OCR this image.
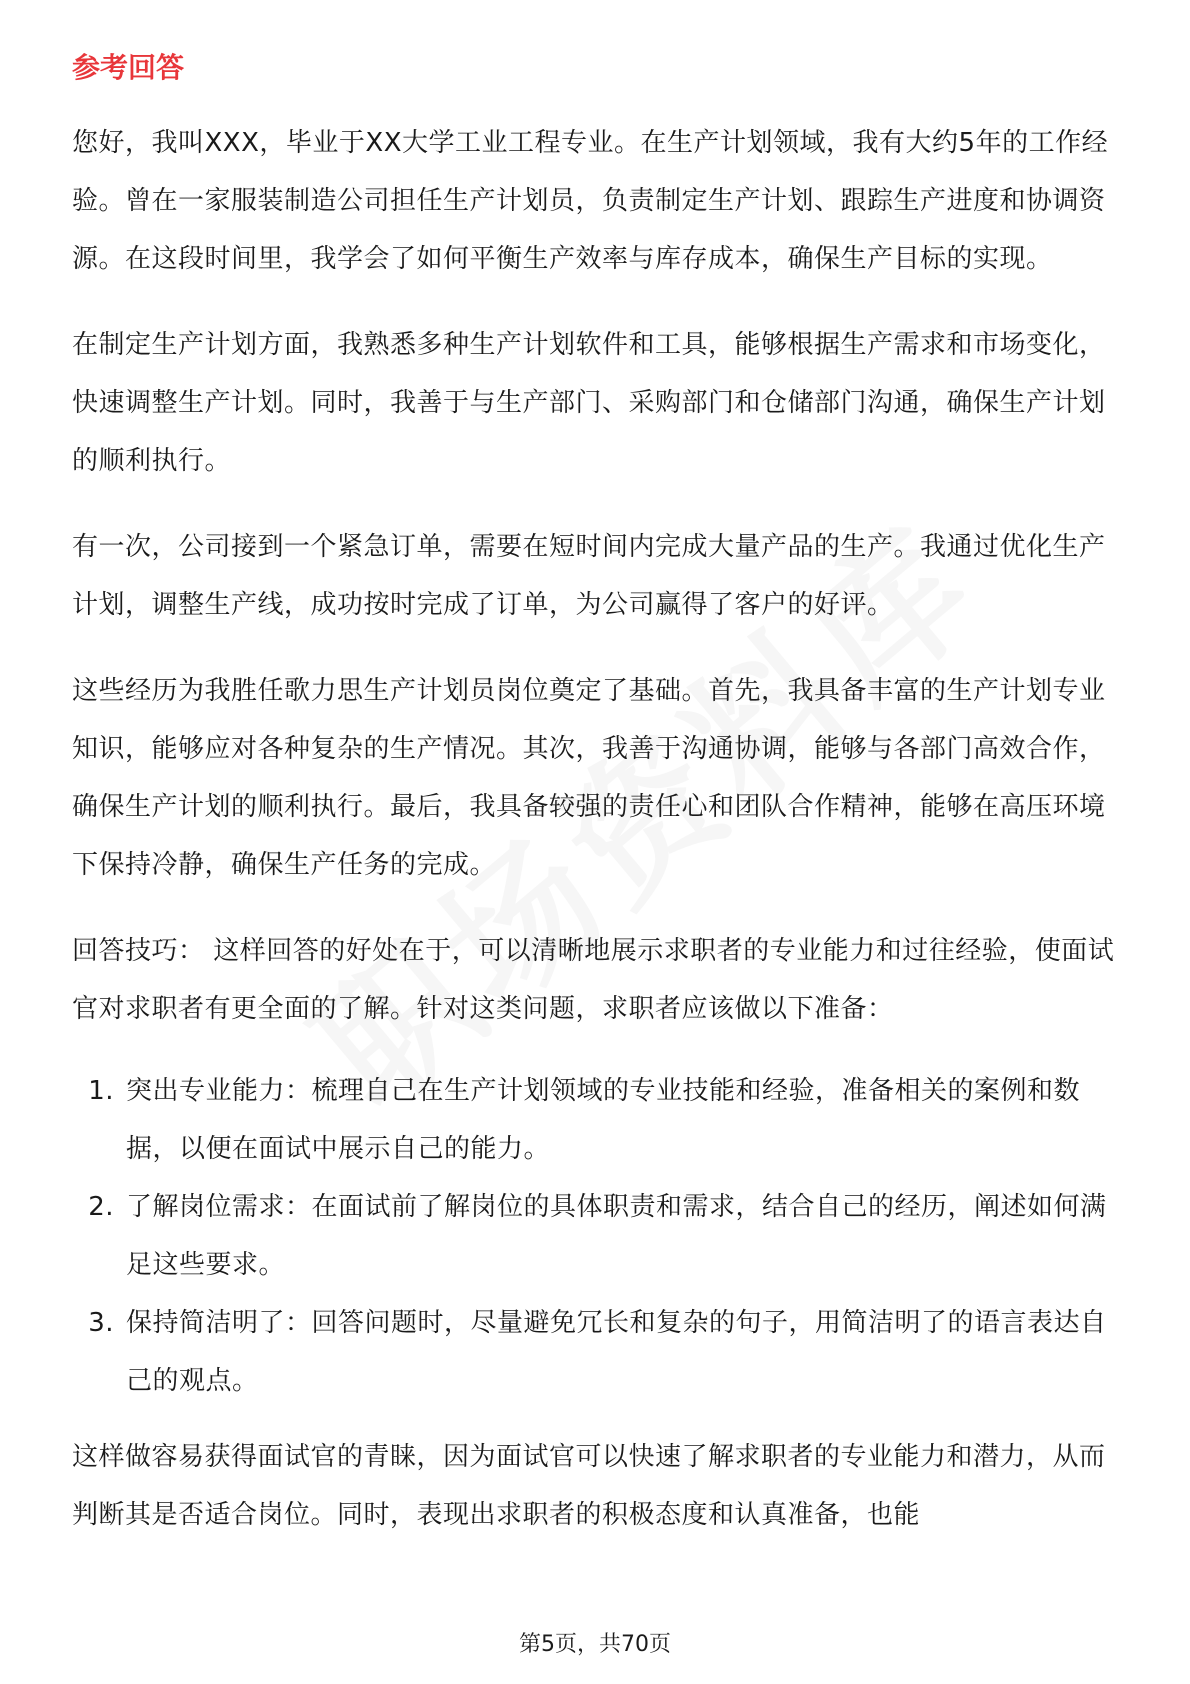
参考回答

您好，我叫XXX，毕业于XX大学工业工程专业。在生产计划领域，我有大约5年的工作经验。曾在一家服装制造公司担任生产计划员，负责制定生产计划、跟踪生产进度和协调资源。在这段时间里，我学会了如何平衡生产效率与库存成本，确保生产目标的实现。

在制定生产计划方面，我熟悉多种生产计划软件和工具，能够根据生产需求和市场变化，快速调整生产计划。同时，我善于与生产部门、采购部门和仓储部门沟通，确保生产计划的顺利执行。

有一次，公司接到一个紧急订单，需要在短时间内完成大量产品的生产。我通过优化生产计划，调整生产线，成功按时完成了订单，为公司赢得了客户的好评。

这些经历为我胜任歌力思生产计划员岗位奠定了基础。首先，我具备丰富的生产计划专业知识，能够应对各种复杂的生产情况。其次，我善于沟通协调，能够与各部门高效合作，确保生产计划的顺利执行。最后，我具备较强的责任心和团队合作精神，能够在高压环境下保持冷静，确保生产任务的完成。

回答技巧： 这样回答的好处在于，可以清晰地展示求职者的专业能力和过往经验，使面试官对求职者有更全面的了解。针对这类问题，求职者应该做以下准备：

1. 突出专业能力：梳理自己在生产计划领域的专业技能和经验，准备相关的案例和数据，以便在面试中展示自己的能力。
2. 了解岗位需求：在面试前了解岗位的具体职责和需求，结合自己的经历，阐述如何满足这些要求。
3. 保持简洁明了：回答问题时，尽量避免冗长和复杂的句子，用简洁明了的语言表达自己的观点。

这样做容易获得面试官的青睐，因为面试官可以快速了解求职者的专业能力和潜力，从而判断其是否适合岗位。同时，表现出求职者的积极态度和认真准备，也能

第5页，共70页
